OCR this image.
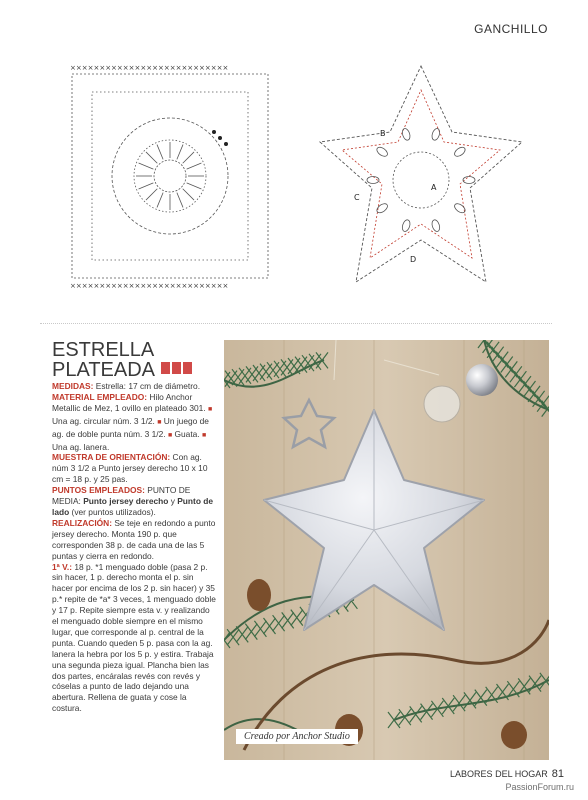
GANCHILLO
×××××××××××××××××××××××××××
×××××××××××××××××××××××××××
B
A
C
D
ESTRELLA
PLATEADA

MEDIDAS: Estrella: 17 cm de diámetro.

MATERIAL EMPLEADO: Hilo Anchor Metallic de Mez, 1 ovillo en plateado 301. ■ Una ag. circular núm. 3 1/2. ■ Un juego de ag. de doble punta núm. 3 1/2. ■ Guata. ■ Una ag. lanera.

MUESTRA DE ORIENTACIÓN: Con ag. núm 3 1/2 a Punto jersey derecho 10 x 10 cm = 18 p. y 25 pas.

PUNTOS EMPLEADOS: PUNTO DE MEDIA: Punto jersey derecho y Punto de lado (ver puntos utilizados).

REALIZACIÓN: Se teje en redondo a punto jersey derecho. Monta 190 p. que corresponden 38 p. de cada una de las 5 puntas y cierra en redondo.

1ª V.: 18 p. *1 menguado doble (pasa 2 p. sin hacer, 1 p. derecho monta el p. sin hacer por encima de los 2 p. sin hacer) y 35 p.* repite de *a* 3 veces, 1 menguado doble y 17 p. Repite siempre esta v. y realizando el menguado doble siempre en el mismo lugar, que corresponde al p. central de la punta. Cuando queden 5 p. pasa con la ag. lanera la hebra por los 5 p. y estira. Trabaja una segunda pieza igual. Plancha bien las dos partes, encáralas revés con revés y cóselas a punto de lado dejando una abertura. Rellena de guata y cose la costura.

Creado por Anchor Studio
LABORES DEL HOGAR 81
PassionForum.ru
